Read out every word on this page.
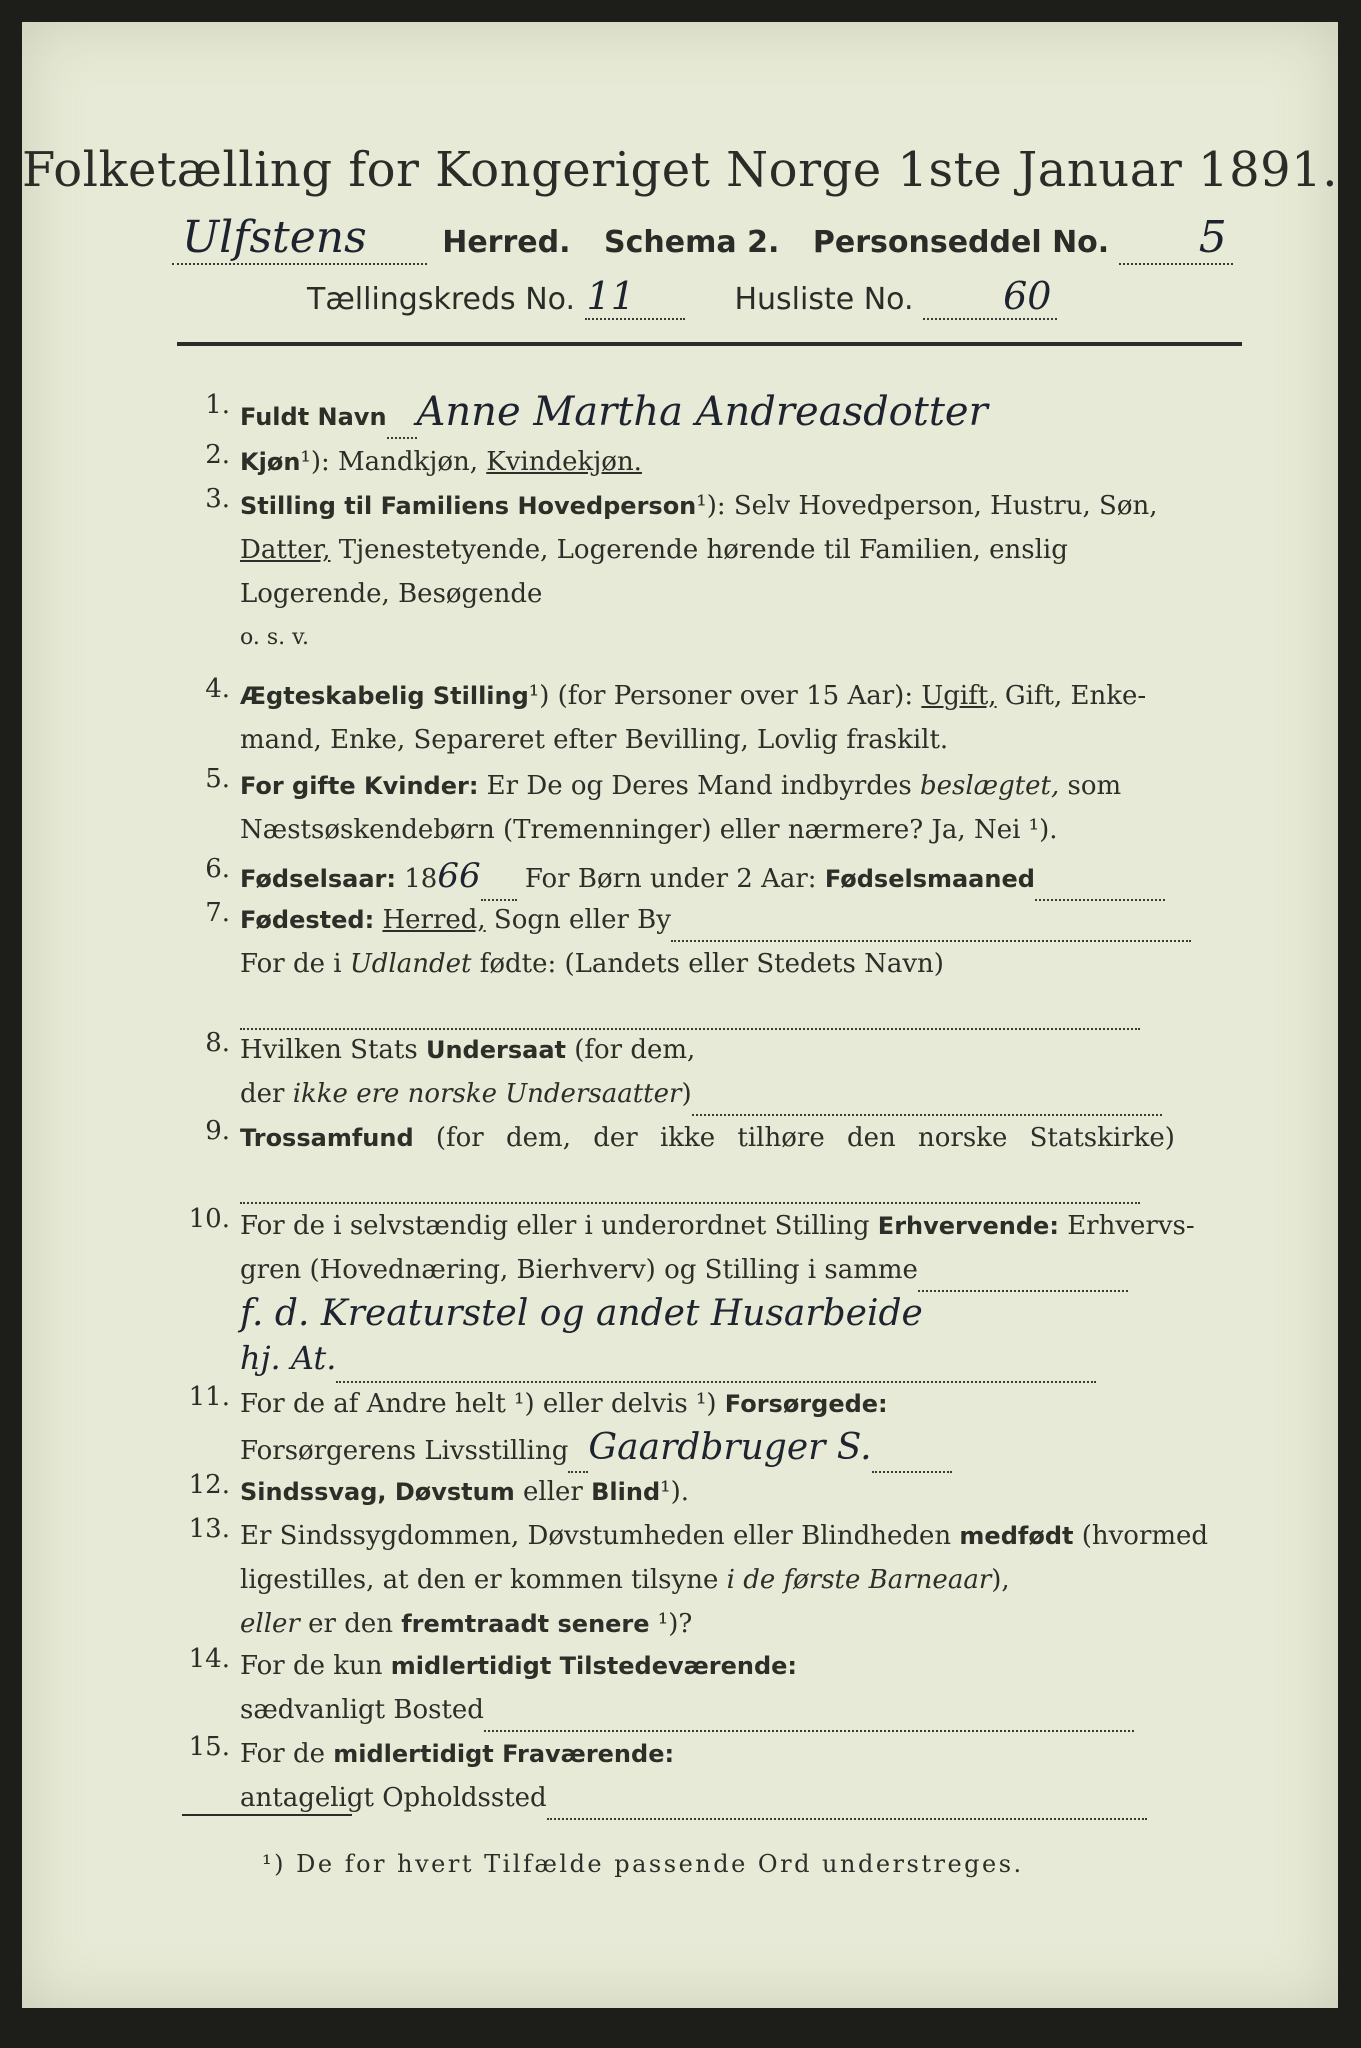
Folketælling for Kongeriget Norge 1ste Januar 1891.
Ulfstens	Herred. Schema 2. Personseddel No. 5
Tællingskreds No. 11	Husliste No. 60
1. Fuldt Navn Anne Martha Andreasdotter
2. Kjøn¹): Mandkjøn, Kvindekjøn.
3. Stilling til Familiens Hovedperson¹): Selv Hovedperson, Hustru, Søn,
Datter, Tjenestetyende, Logerende hørende til Familien, enslig
Logerende, Besøgende
o. s. v.
4. Ægteskabelig Stilling¹) (for Personer over 15 Aar): Ugift, Gift, Enke-
mand, Enke, Separeret efter Bevilling, Lovlig fraskilt.
5. For gifte Kvinder: Er De og Deres Mand indbyrdes beslægtet, som
Næstsøskendebørn (Tremenninger) eller nærmere? Ja, Nei ¹).
6. Fødselsaar: 1866 For Børn under 2 Aar: Fødselsmaaned
7. Fødested: Herred, Sogn eller By
For de i Udlandet fødte: (Landets eller Stedets Navn)
8. Hvilken Stats Undersaat (for dem,
der ikke ere norske Undersaatter)
9. Trossamfund (for dem, der ikke tilhøre den norske Statskirke)
10. For de i selvstændig eller i underordnet Stilling Erhvervende: Erhvervs-
gren (Hovednæring, Bierhverv) og Stilling i samme
f. d. Kreaturstel og andet Husarbeide
hj. At.
11. For de af Andre helt ¹) eller delvis ¹) Forsørgede:
Forsørgerens Livsstilling Gaardbruger S.
12. Sindssvag, Døvstum eller Blind¹).
13. Er Sindssygdommen, Døvstumheden eller Blindheden medfødt (hvormed
ligestilles, at den er kommen tilsyne i de første Barneaar),
eller er den fremtraadt senere ¹)?
14. For de kun midlertidigt Tilstedeværende:
sædvanligt Bosted
15. For de midlertidigt Fraværende:
antageligt Opholdssted
¹) De for hvert Tilfælde passende Ord understreges.
